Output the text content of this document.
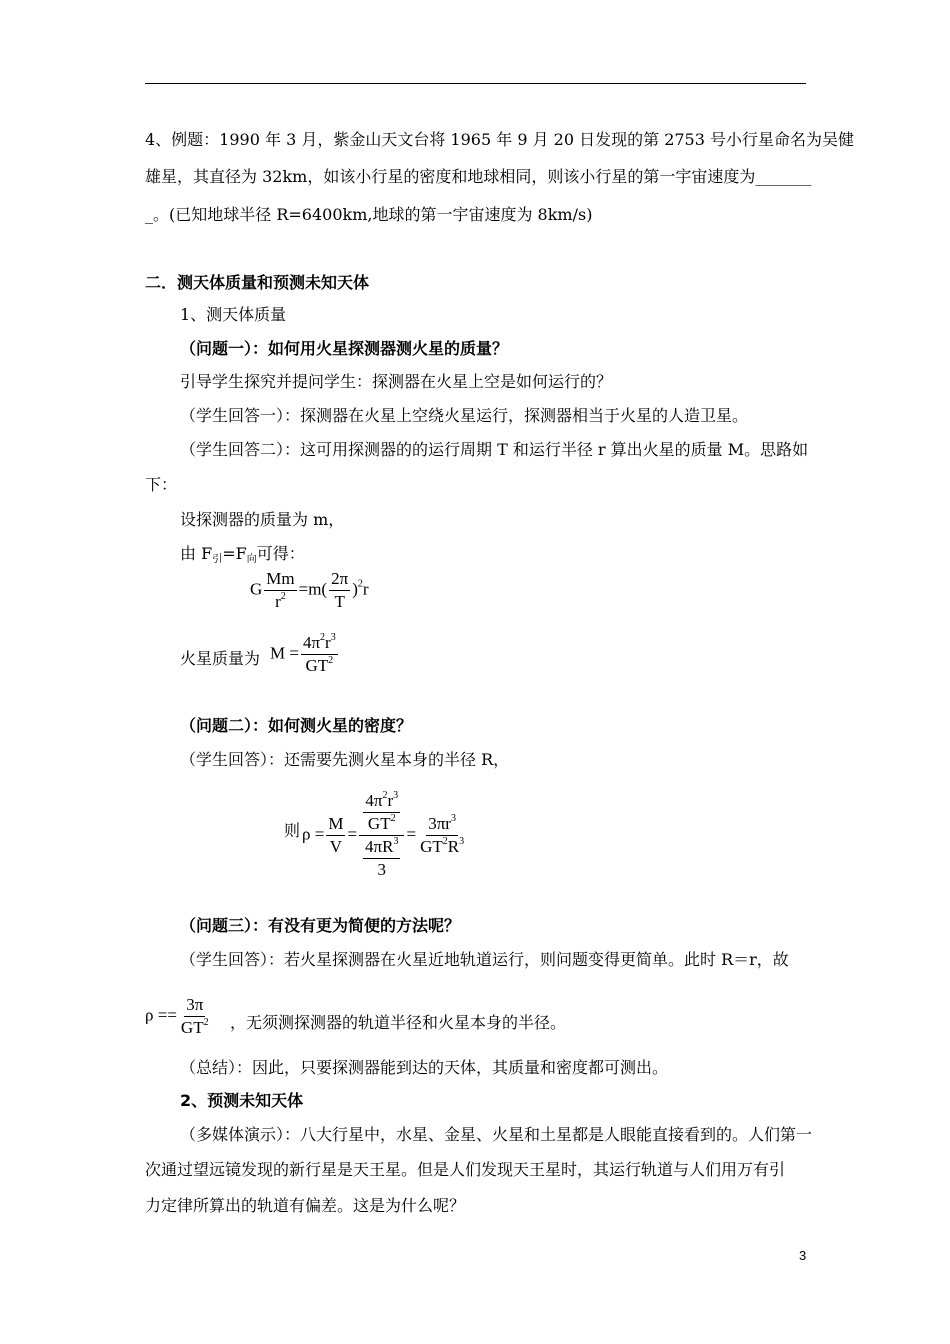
4、例题：1990 年 3 月，紫金山天文台将 1965 年 9 月 20 日发现的第 2753 号小行星命名为吴健
雄星，其直径为 32km，如该小行星的密度和地球相同，则该小行星的第一宇宙速度为_______
_。(已知地球半径 R=6400km,地球的第一宇宙速度为 8km/s)
二．测天体质量和预测未知天体
1、测天体质量
（问题一）：如何用火星探测器测火星的质量？
引导学生探究并提问学生：探测器在火星上空是如何运行的？
（学生回答一）：探测器在火星上空绕火星运行，探测器相当于火星的人造卫星。
（学生回答二）：这可用探测器的的运行周期 T 和运行半径 r 算出火星的质量 M。思路如
下：
设探测器的质量为 m，
由 $F_引=F_向$可得：
G $\frac{Mm}{r^2} =m( \frac{2\pi}{T} )^2r$
火星质量为 $M = \frac{4\pi^2r^3}{GT^2}$
（问题二）：如何测火星的密度？
（学生回答）：还需要先测火星本身的半径 R，
则 $\rho = \frac{M}{V} = \frac{\frac{4\pi^2r^3}{GT^2}}{\frac{4\pi R^3}{3}} = \frac{3\pi r^3}{GT^2R^3}$
（问题三）：有没有更为简便的方法呢？
（学生回答）：若火星探测器在火星近地轨道运行，则问题变得更简单。此时 R＝r，故
$\rho == \frac{3\pi}{GT^2}$ ，无须测探测器的轨道半径和火星本身的半径。
（总结）：因此，只要探测器能到达的天体，其质量和密度都可测出。
2、预测未知天体
（多媒体演示）：八大行星中，水星、金星、火星和土星都是人眼能直接看到的。人们第一
次通过望远镜发现的新行星是天王星。但是人们发现天王星时，其运行轨道与人们用万有引
力定律所算出的轨道有偏差。这是为什么呢？
3
